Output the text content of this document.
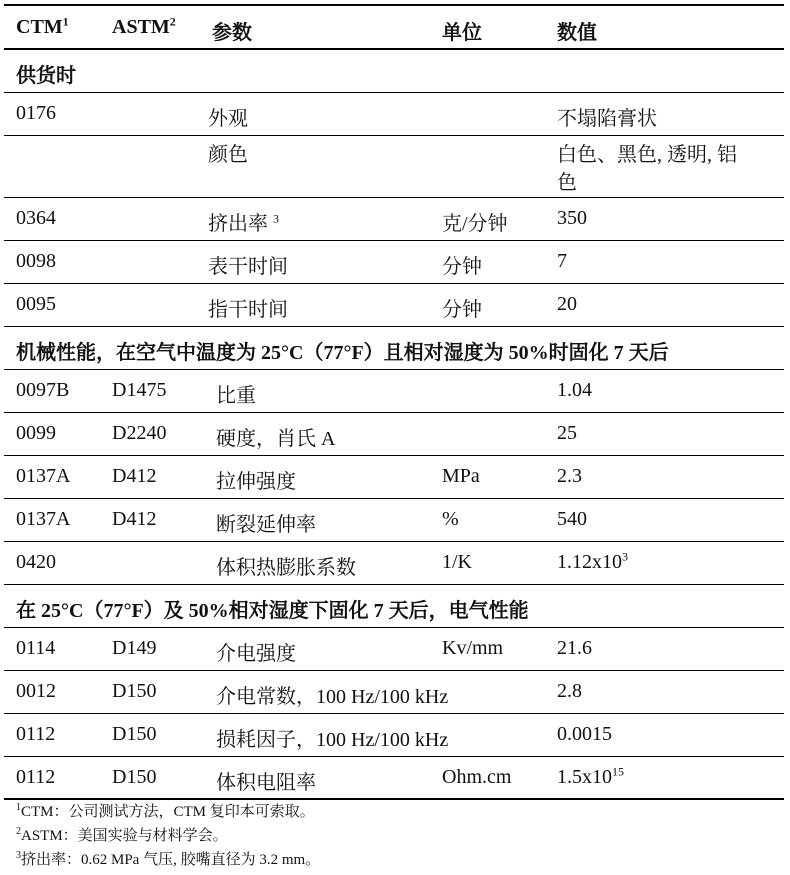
CTM$^1$	ASTM$^2$	参数	单位	数值
供货时				
0176		外观		不塌陷膏状
		颜色		白色、黑色, 透明, 铝色
0364		挤出率 $^3$	克/分钟	350
0098		表干时间	分钟	7
0095		指干时间	分钟	20
机械性能，在空气中温度为 25°C（77°F）且相对湿度为 50%时固化 7 天后				
0097B	D1475	比重		1.04
0099	D2240	硬度，肖氏 A		25
0137A	D412	拉伸强度	MPa	2.3
0137A	D412	断裂延伸率	%	540
0420		体积热膨胀系数	1/K	$1.12x10^3$
在 25°C（77°F）及 50%相对湿度下固化 7 天后，电气性能				
0114	D149	介电强度	Kv/mm	21.6
0012	D150	介电常数，100 Hz/100 kHz		2.8
0112	D150	损耗因子，100 Hz/100 kHz		0.0015
0112	D150	体积电阻率	Ohm.cm	$1.5x10^{15}$
$^1$CTM：公司测试方法，CTM 复印本可索取。
$^2$ASTM：美国实验与材料学会。
$^3$挤出率：0.62 MPa 气压, 胶嘴直径为 3.2 mm。
